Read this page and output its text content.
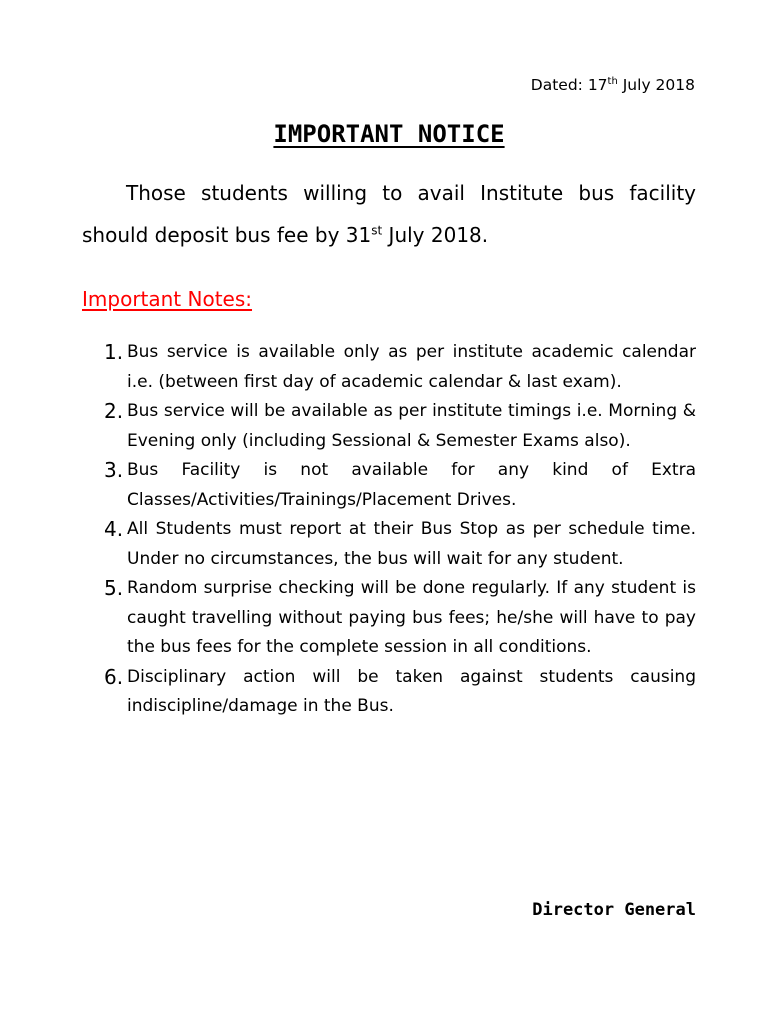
Dated: 17th July 2018
IMPORTANT NOTICE

Those students willing to avail Institute bus facility should deposit bus fee by 31st July 2018.

Important Notes:
1. Bus service is available only as per institute academic calendar i.e. (between first day of academic calendar & last exam).
2. Bus service will be available as per institute timings i.e. Morning & Evening only (including Sessional & Semester Exams also).
3. Bus Facility is not available for any kind of Extra Classes/Activities/Trainings/Placement Drives.
4. All Students must report at their Bus Stop as per schedule time. Under no circumstances, the bus will wait for any student.
5. Random surprise checking will be done regularly. If any student is caught travelling without paying bus fees; he/she will have to pay the bus fees for the complete session in all conditions.
6. Disciplinary action will be taken against students causing indiscipline/damage in the Bus.
Director General
